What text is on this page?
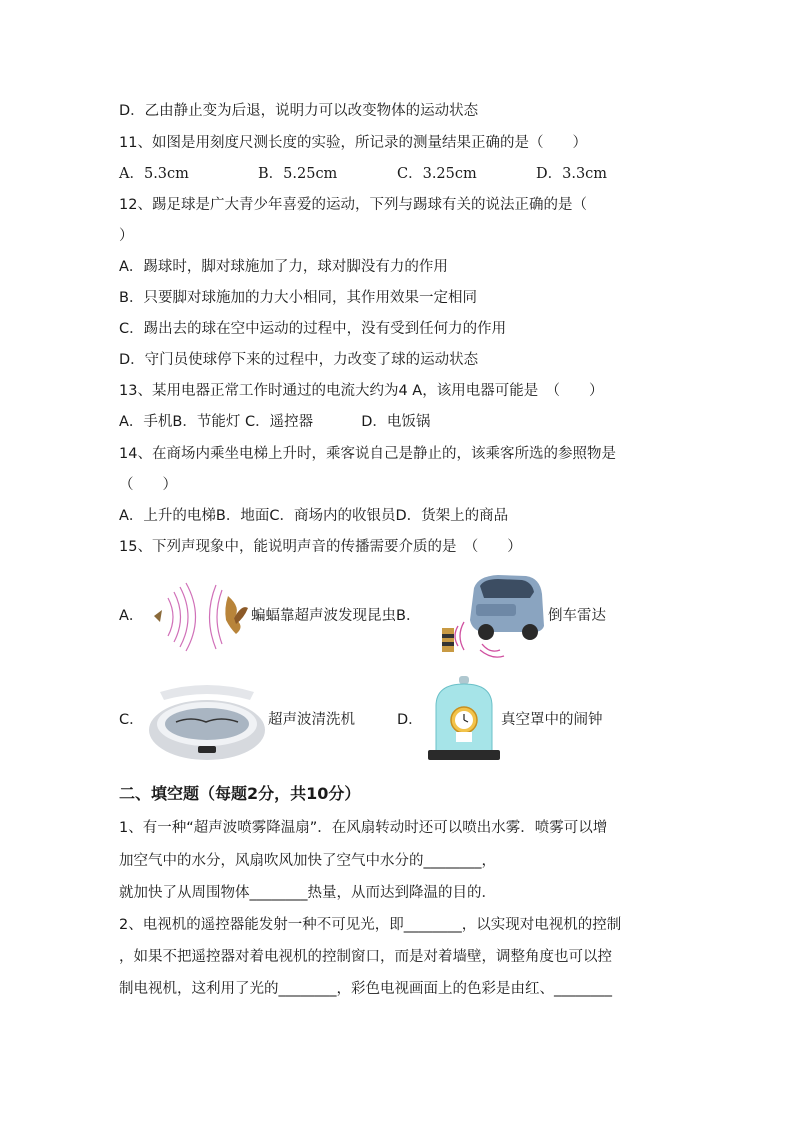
D．乙由静止变为后退，说明力可以改变物体的运动状态
11、如图是用刻度尺测长度的实验，所记录的测量结果正确的是（　　）
A．5.3cm	B．5.25cm	C．3.25cm	D．3.3cm
12、踢足球是广大青少年喜爱的运动，下列与踢球有关的说法正确的是（
）
A．踢球时，脚对球施加了力，球对脚没有力的作用
B．只要脚对球施加的力大小相同，其作用效果一定相同
C．踢出去的球在空中运动的过程中，没有受到任何力的作用
D．守门员使球停下来的过程中，力改变了球的运动状态
13、某用电器正常工作时通过的电流大约为4 A，该用电器可能是　（　　）
A．手机B．节能灯 C．遥控器　　　 D．电饭锅
14、在商场内乘坐电梯上升时，乘客说自己是静止的，该乘客所选的参照物是
（　　）
A．上升的电梯B．地面C．商场内的收银员D．货架上的商品
15、下列声现象中，能说明声音的传播需要介质的是　（　　）
A．	蝙蝠靠超声波发现昆虫B．	倒车雷达
C．	超声波清洗机	D．	真空罩中的闹钟
二、填空题（每题2分，共10分）
1、有一种“超声波喷雾降温扇”．在风扇转动时还可以喷出水雾．喷雾可以增
加空气中的水分，风扇吹风加快了空气中水分的________，
就加快了从周围物体________热量，从而达到降温的目的．
2、电视机的遥控器能发射一种不可见光，即________，以实现对电视机的控制
，如果不把遥控器对着电视机的控制窗口，而是对着墙壁，调整角度也可以控
制电视机，这利用了光的________，彩色电视画面上的色彩是由红、________
